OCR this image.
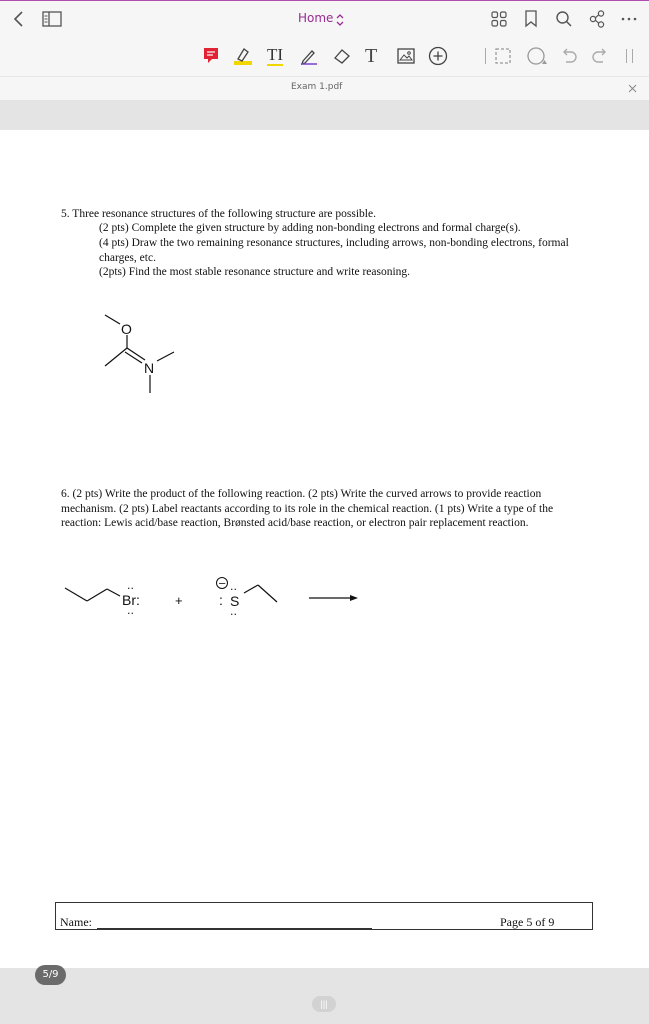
Home
TI	T
Exam 1.pdf
5. Three resonance structures of the following structure are possible.
(2 pts) Complete the given structure by adding non-bonding electrons and formal charge(s).
(4 pts) Draw the two remaining resonance structures, including arrows, non-bonding electrons, formal charges, etc.
(2pts) Find the most stable resonance structure and write reasoning.
O
N
6. (2 pts) Write the product of the following reaction. (2 pts) Write the curved arrows to provide reaction mechanism. (2 pts) Label reactants according to its role in the chemical reaction. (1 pts) Write a type of the reaction: Lewis acid/base reaction, Brønsted acid/base reaction, or electron pair replacement reaction.
Br:
··
··
+	: S
··
··
−
Name:	Page 5 of 9
5/9
|||
